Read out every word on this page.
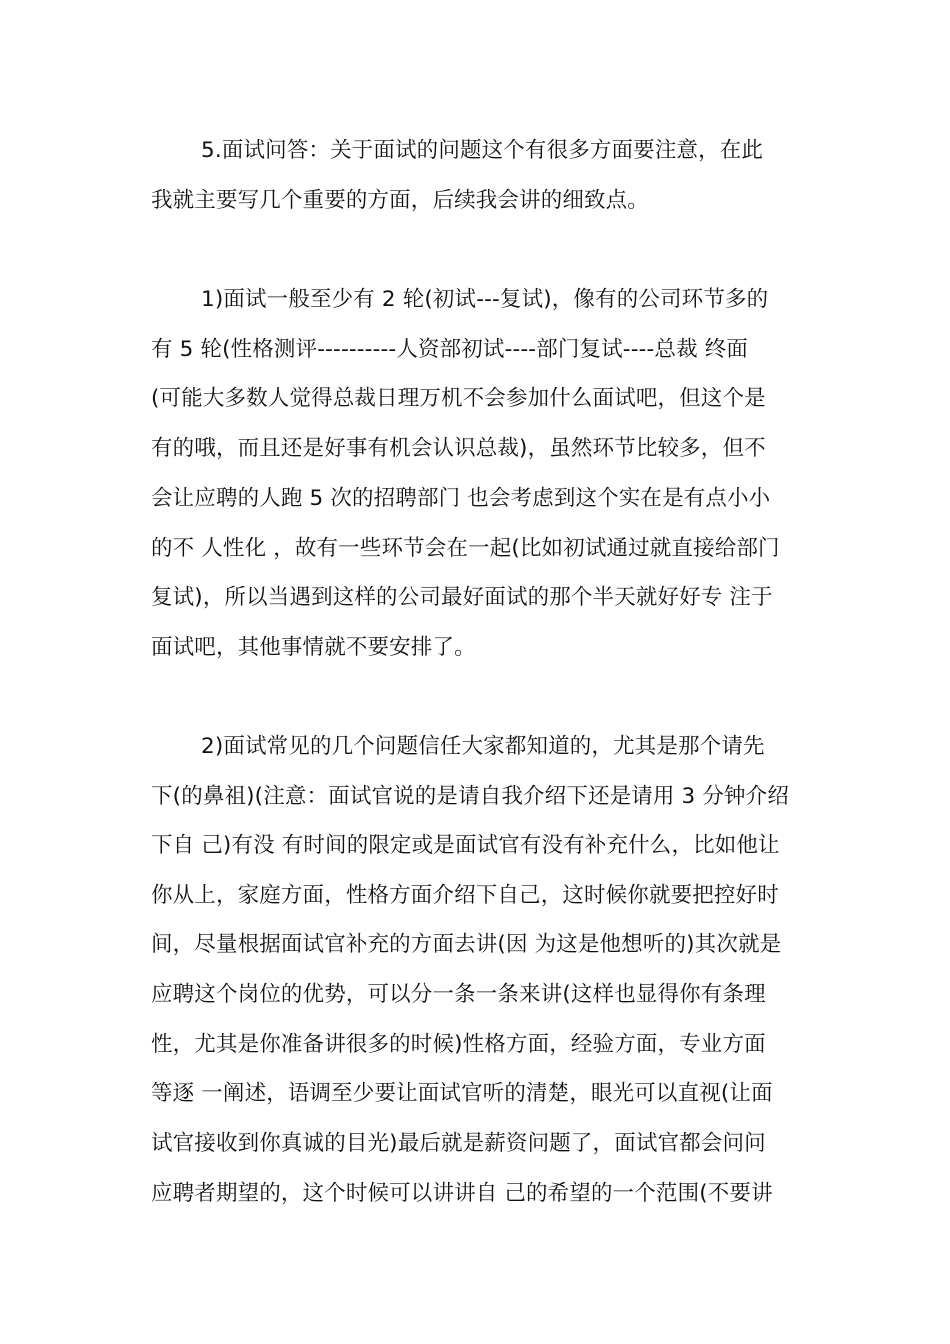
5.面试问答：关于面试的问题这个有很多方面要注意，在此
我就主要写几个重要的方面，后续我会讲的细致点。
1)面试一般至少有 2 轮(初试---复试)，像有的公司环节多的
有 5 轮(性格测评----------人资部初试----部门复试----总裁 终面
(可能大多数人觉得总裁日理万机不会参加什么面试吧，但这个是
有的哦，而且还是好事有机会认识总裁)，虽然环节比较多，但不
会让应聘的人跑 5 次的招聘部门 也会考虑到这个实在是有点小小
的不 人性化 ，故有一些环节会在一起(比如初试通过就直接给部门
复试)，所以当遇到这样的公司最好面试的那个半天就好好专 注于
面试吧，其他事情就不要安排了。
2)面试常见的几个问题信任大家都知道的，尤其是那个请先
下(的鼻祖)(注意：面试官说的是请自我介绍下还是请用 3 分钟介绍
下自 己)有没 有时间的限定或是面试官有没有补充什么，比如他让
你从上，家庭方面，性格方面介绍下自己，这时候你就要把控好时
间，尽量根据面试官补充的方面去讲(因 为这是他想听的)其次就是
应聘这个岗位的优势，可以分一条一条来讲(这样也显得你有条理
性，尤其是你准备讲很多的时候)性格方面，经验方面，专业方面
等逐 一阐述，语调至少要让面试官听的清楚，眼光可以直视(让面
试官接收到你真诚的目光)最后就是薪资问题了，面试官都会问问
应聘者期望的，这个时候可以讲讲自 己的希望的一个范围(不要讲
